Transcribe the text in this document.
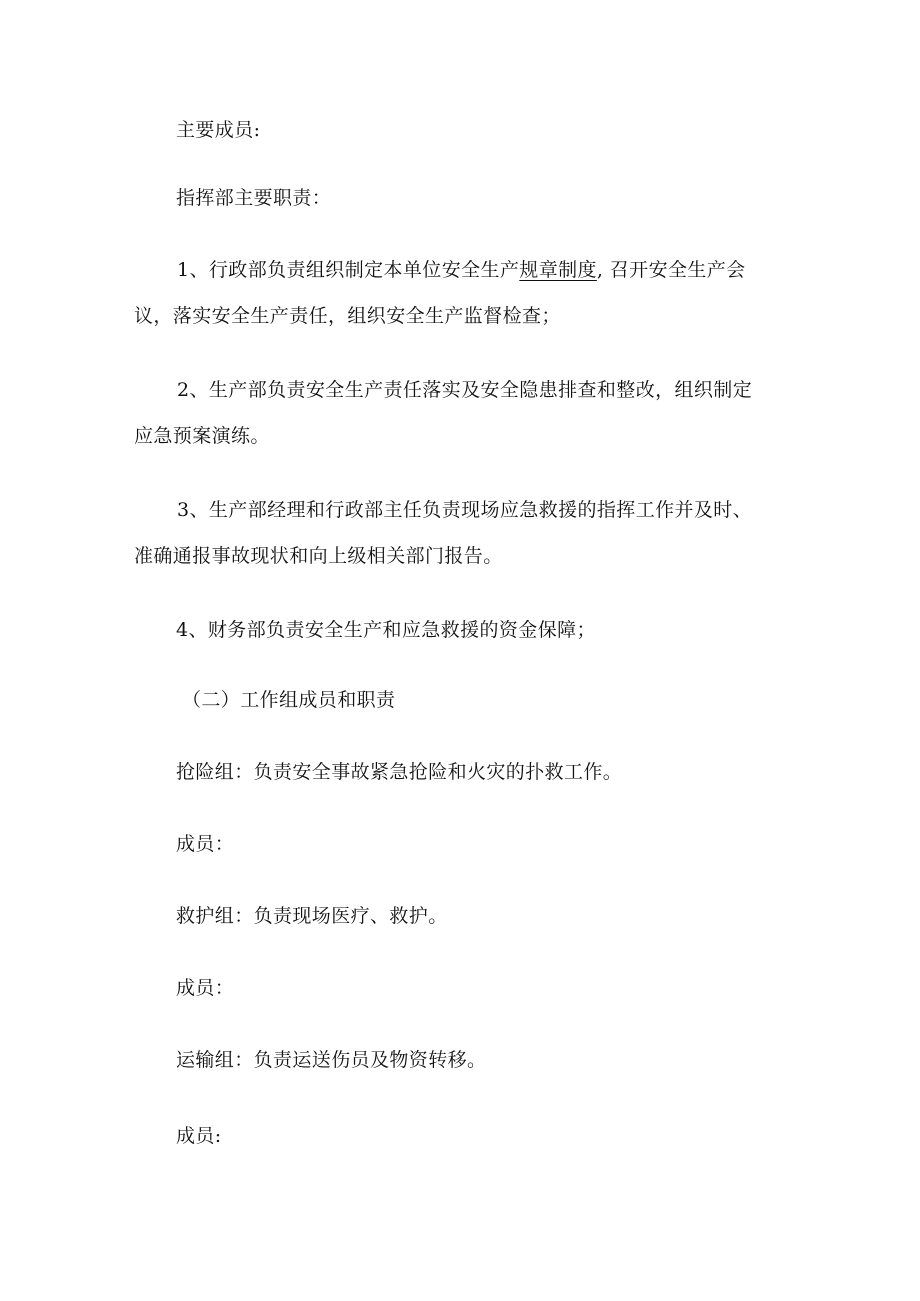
主要成员:
指挥部主要职责：
1、行政部负责组织制定本单位安全生产规章制度, 召开安全生产会
议，落实安全生产责任，组织安全生产监督检查；
2、生产部负责安全生产责任落实及安全隐患排查和整改，组织制定
应急预案演练。
3、生产部经理和行政部主任负责现场应急救援的指挥工作并及时、
准确通报事故现状和向上级相关部门报告。
4、财务部负责安全生产和应急救援的资金保障；
（二）工作组成员和职责
抢险组：负责安全事故紧急抢险和火灾的扑救工作。
成员：
救护组：负责现场医疗、救护。
成员：
运输组：负责运送伤员及物资转移。
成员:
